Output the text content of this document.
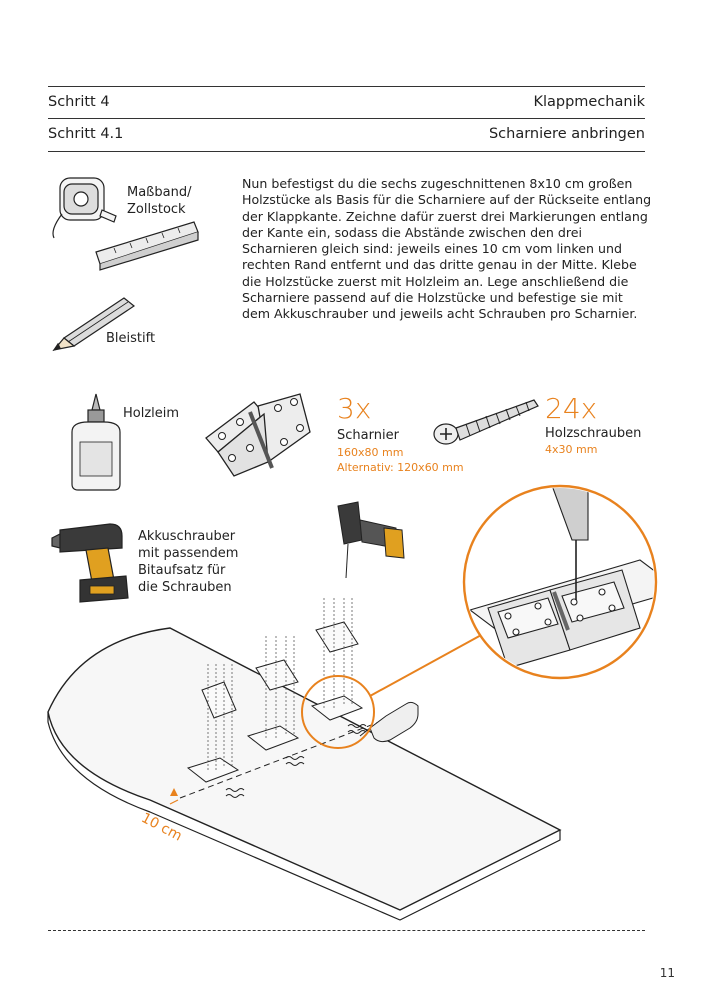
Schritt 4	Klappmechanik
Schritt 4.1	Scharniere anbringen
Maßband/
Zollstock
Bleistift
Nun befestigst du die sechs zugeschnittenen 8x10 cm großen Holzstücke als Basis für die Scharniere auf der Rückseite entlang der Klappkante. Zeichne dafür zuerst drei Markierungen entlang der Kante ein, sodass die Abstände zwischen den drei Scharnieren gleich sind: jeweils eines 10 cm vom linken und rechten Rand entfernt und das dritte genau in der Mitte. Klebe die Holzstücke zuerst mit Holzleim an. Lege anschließend die Scharniere passend auf die Holzstücke und befestige sie mit dem Akkuschrauber und jeweils acht Schrauben pro Scharnier.
Holzleim	3x
Scharnier
160x80 mm
Alternativ: 120x60 mm
24x
Holzschrauben
4x30 mm
Akkuschrauber
mit passendem
Bitaufsatz für
die Schrauben
10 cm
11
